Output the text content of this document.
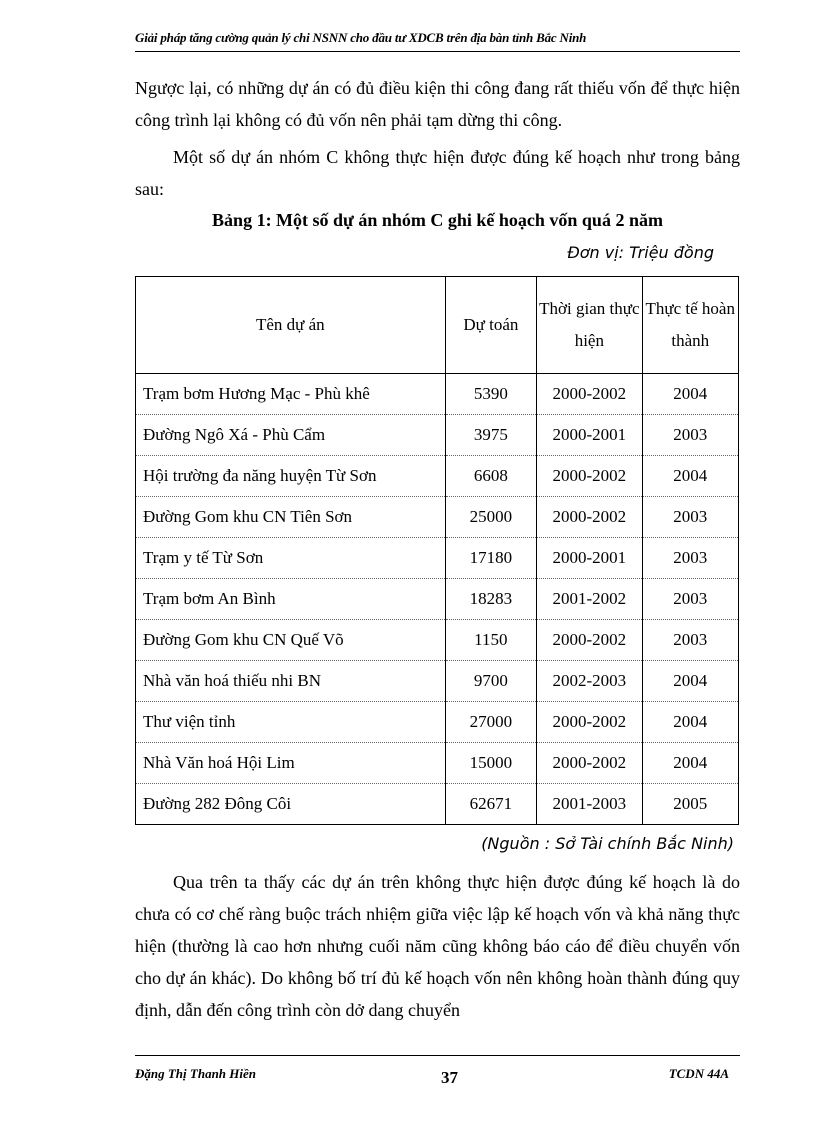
Giải pháp tăng cường quản lý chi NSNN cho đầu tư XDCB trên địa bàn tỉnh Bắc Ninh
Ngược lại, có những dự án có đủ điều kiện thi công đang rất thiếu vốn để thực hiện công trình lại không có đủ vốn nên phải tạm dừng thi công.
Một số dự án nhóm C không thực hiện được đúng kế hoạch như trong bảng sau:
Bảng 1: Một số dự án nhóm C ghi kế hoạch vốn quá 2 năm
Đơn vị: Triệu đồng
Tên dự án	Dự toán	Thời gian thực hiện	Thực tế hoàn thành
Trạm bơm Hương Mạc - Phù khê	5390	2000-2002	2004
Đường Ngô Xá - Phù Cẩm	3975	2000-2001	2003
Hội trường đa năng huyện Từ Sơn	6608	2000-2002	2004
Đường Gom khu CN Tiên Sơn	25000	2000-2002	2003
Trạm y tế Từ Sơn	17180	2000-2001	2003
Trạm bơm An Bình	18283	2001-2002	2003
Đường Gom khu CN Quế Võ	1150	2000-2002	2003
Nhà văn hoá thiếu nhi BN	9700	2002-2003	2004
Thư viện tỉnh	27000	2000-2002	2004
Nhà Văn hoá Hội Lim	15000	2000-2002	2004
Đường 282 Đông Côi	62671	2001-2003	2005
(Nguồn : Sở Tài chính Bắc Ninh)
Qua trên ta thấy các dự án trên không thực hiện được đúng kế hoạch là do chưa có cơ chế ràng buộc trách nhiệm giữa việc lập kế hoạch vốn và khả năng thực hiện (thường là cao hơn nhưng cuối năm cũng không báo cáo để điều chuyển vốn cho dự án khác). Do không bố trí đủ kế hoạch vốn nên không hoàn thành đúng quy định, dẫn đến công trình còn dở dang chuyển
Đặng Thị Thanh Hiền	37	TCDN 44A
